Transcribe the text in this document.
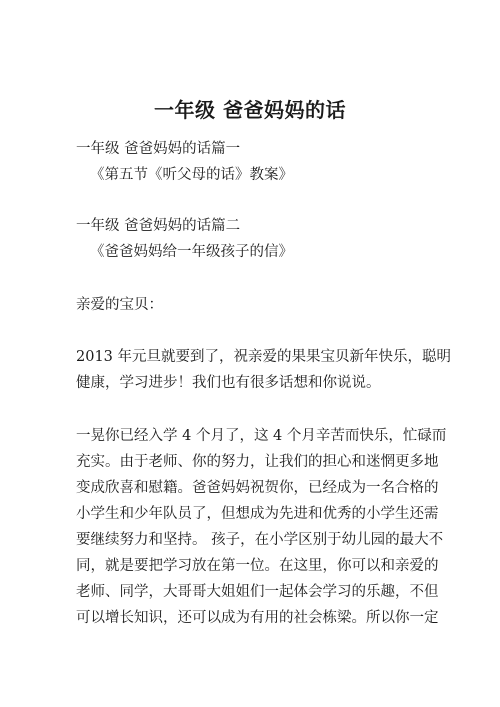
一年级 爸爸妈妈的话

一年级 爸爸妈妈的话篇一

《第五节《听父母的话》教案》

一年级 爸爸妈妈的话篇二

《爸爸妈妈给一年级孩子的信》

亲爱的宝贝：

2013 年元旦就要到了，祝亲爱的果果宝贝新年快乐，聪明
健康，学习进步！我们也有很多话想和你说说。
一晃你已经入学 4 个月了，这 4 个月辛苦而快乐，忙碌而
充实。由于老师、你的努力，让我们的担心和迷惘更多地
变成欣喜和慰籍。爸爸妈妈祝贺你，已经成为一名合格的
小学生和少年队员了，但想成为先进和优秀的小学生还需
要继续努力和坚持。 孩子，在小学区别于幼儿园的最大不
同，就是要把学习放在第一位。在这里，你可以和亲爱的
老师、同学，大哥哥大姐姐们一起体会学习的乐趣，不但
可以增长知识，还可以成为有用的社会栋梁。所以你一定
